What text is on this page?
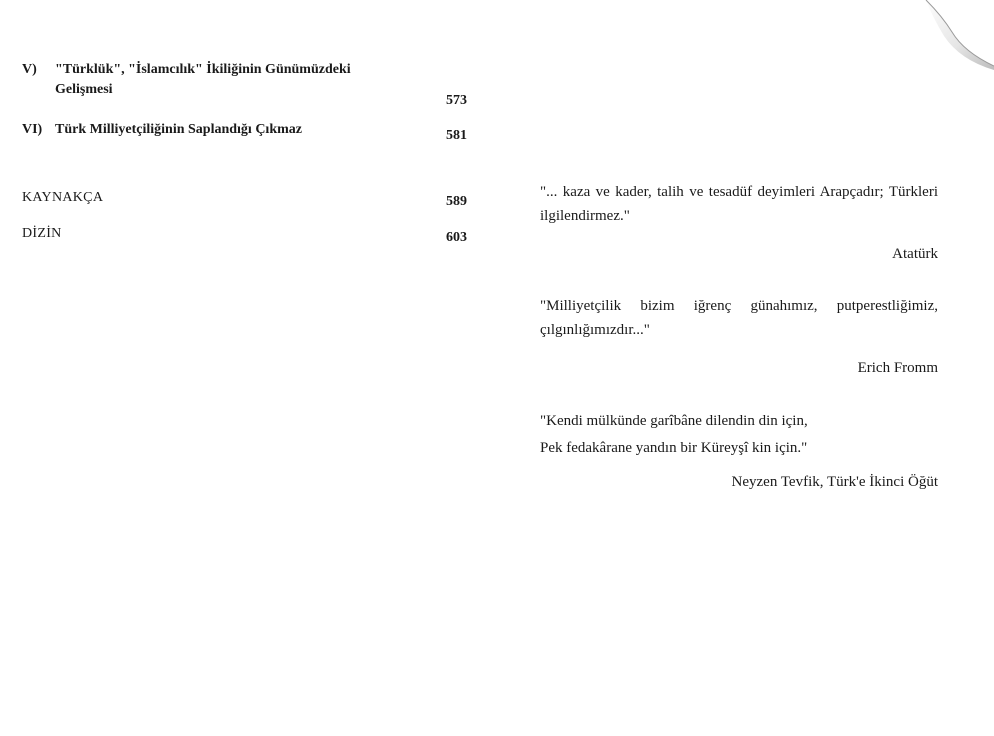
V) "Türklük", "İslamcılık" İkiliğinin Günümüzdeki
Gelişmesi
573
VI) Türk Milliyetçiliğinin Saplandığı Çıkmaz	581
KAYNAKÇA	589
DİZİN	603
"... kaza ve kader, talih ve tesadüf deyimleri Arapçadır; Türkleri ilgilendirmez."
Atatürk
"Milliyetçilik bizim iğrenç günahımız, putperestliğimiz, çılgınlığımızdır..."
Erich Fromm
"Kendi mülkünde garîbâne dilendin din için,
Pek fedakârane yandın bir Küreyşî kin için."
Neyzen Tevfik, Türk'e İkinci Öğüt
